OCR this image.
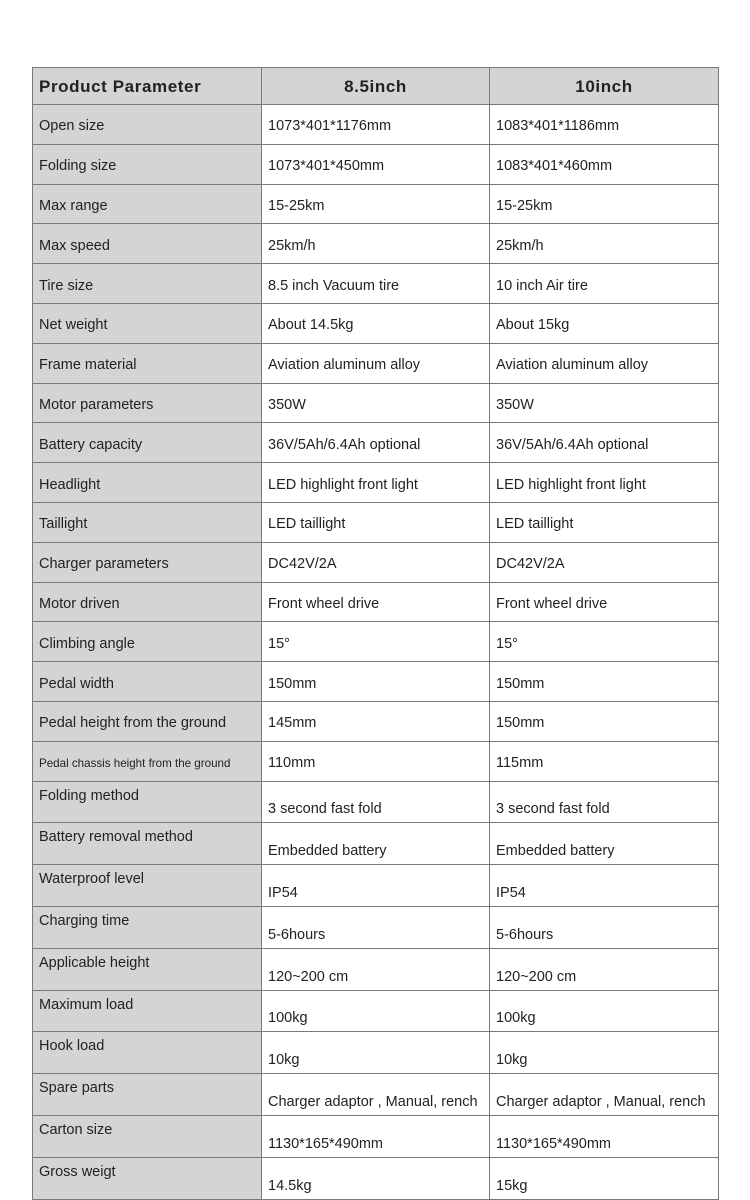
Product Parameter	8.5inch	10inch
Open size	1073*401*1176mm	1083*401*1186mm
Folding size	1073*401*450mm	1083*401*460mm
Max range	15-25km	15-25km
Max speed	25km/h	25km/h
Tire size	8.5 inch Vacuum tire	10 inch Air tire
Net weight	About 14.5kg	About 15kg
Frame material	Aviation aluminum alloy	Aviation aluminum alloy
Motor parameters	350W	350W
Battery capacity	36V/5Ah/6.4Ah optional	36V/5Ah/6.4Ah optional
Headlight	LED highlight front light	LED highlight front light
Taillight	LED taillight	LED taillight
Charger parameters	DC42V/2A	DC42V/2A
Motor driven	Front wheel drive	Front wheel drive
Climbing angle	15°	15°
Pedal width	150mm	150mm
Pedal height from the ground	145mm	150mm
Pedal chassis height from the ground	110mm	115mm
Folding method	3 second fast fold	3 second fast fold
Battery removal method	Embedded battery	Embedded battery
Waterproof level	IP54	IP54
Charging time	5-6hours	5-6hours
Applicable height	120~200 cm	120~200 cm
Maximum load	100kg	100kg
Hook load	10kg	10kg
Spare parts	Charger adaptor , Manual, rench	Charger adaptor , Manual, rench
Carton size	1130*165*490mm	1130*165*490mm
Gross weigt	14.5kg	15kg
